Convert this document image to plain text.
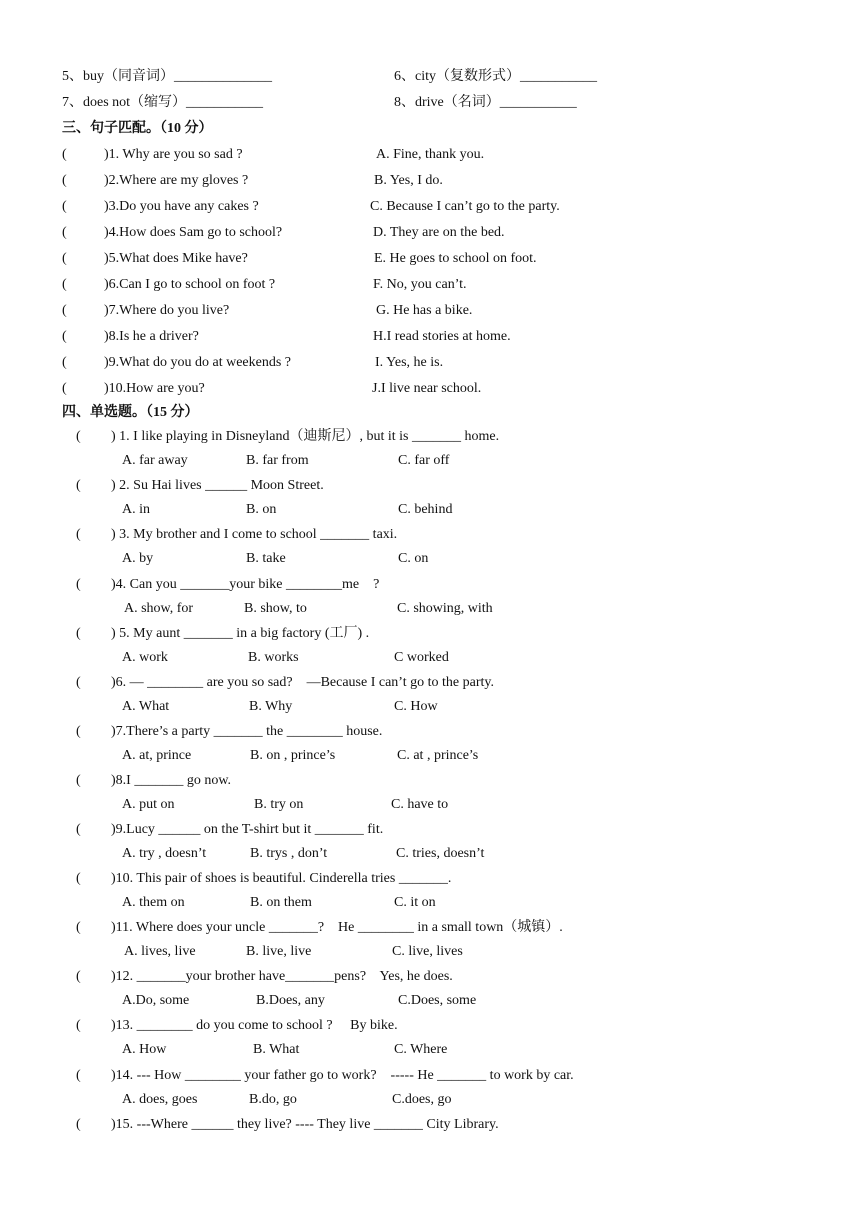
5、buy（同音词）______________	6、city（复数形式）___________
7、does not（缩写）___________	8、drive（名词）___________
三、句子匹配。（10 分）
(	)1. Why are you so sad ?	A. Fine, thank you.
(	)2.Where are my gloves ?	B. Yes, I do.
(	)3.Do you have any cakes ?	C. Because I can’t go to the party.
(	)4.How does Sam go to school?	D. They are on the bed.
(	)5.What does Mike have?	E. He goes to school on foot.
(	)6.Can I go to school on foot ?	F. No, you can’t.
(	)7.Where do you live?	G. He has a bike.
(	)8.Is he a driver?	H.I read stories at home.
(	)9.What do you do at weekends ?	I. Yes, he is.
(	)10.How are you?	J.I live near school.
四、单选题。（15 分）
( ) 1. I like playing in Disneyland（迪斯尼）, but it is _______ home.
A. far away	B. far from	C. far off
( ) 2. Su Hai lives ______ Moon Street.
A. in	B. on	C. behind
( ) 3. My brother and I come to school _______ taxi.
A. by	B. take	C. on
( )4. Can you _______your bike ________me    ?
A. show, for	B. show, to	C. showing, with
( ) 5. My aunt _______ in a big factory (工厂) .
A. work	B. works	C worked
( )6. — ________ are you so sad?    —Because I can’t go to the party.
A. What	B. Why	C. How
( )7.There’s a party _______ the ________ house.
A. at, prince	B. on , prince’s	C. at , prince’s
( )8.I _______ go now.
A. put on	B. try on	C. have to
( )9.Lucy ______ on the T-shirt but it _______ fit.
A. try , doesn’t	B. trys , don’t	C. tries, doesn’t
( )10. This pair of shoes is beautiful. Cinderella tries _______.
A. them on	B. on them	C. it on
( )11. Where does your uncle _______?    He ________ in a small town（城镇）.
A. lives, live	B. live, live	C. live, lives
( )12. _______your brother have_______pens?    Yes, he does.
A.Do, some	B.Does, any	C.Does, some
( )13. ________ do you come to school ?     By bike.
A. How	B. What	C. Where
( )14. --- How ________ your father go to work?    ----- He _______ to work by car.
A. does, goes	B.do, go	C.does, go
( )15. ---Where ______ they live? ---- They live _______ City Library.
